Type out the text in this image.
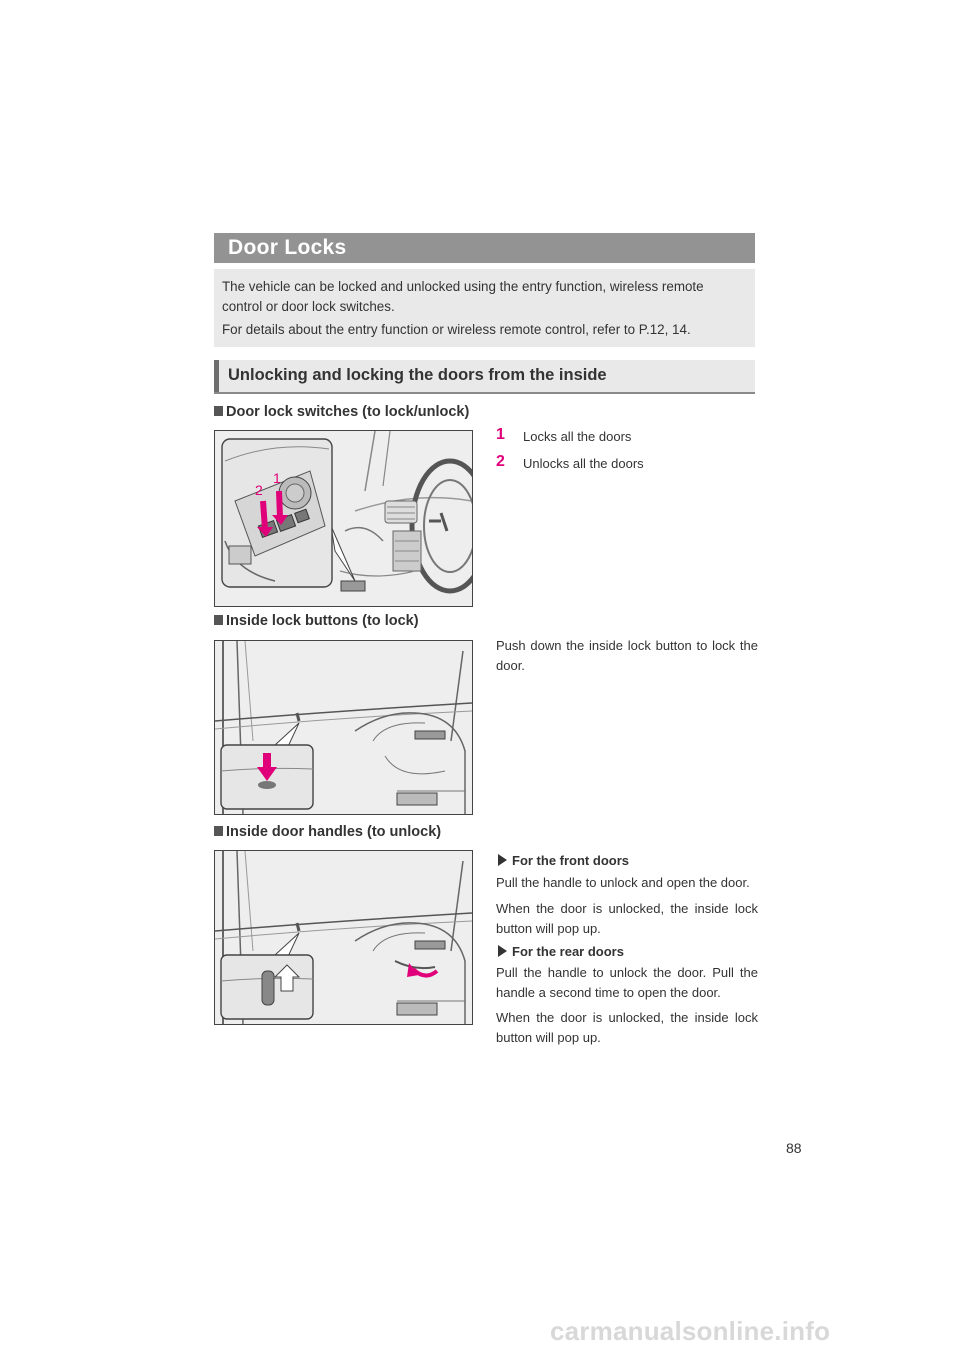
Door Locks

The vehicle can be locked and unlocked using the entry function, wireless remote control or door lock switches.

For details about the entry function or wireless remote control, refer to P.12, 14.

Unlocking and locking the doors from the inside
Door lock switches (to lock/unlock)
2
1
1 Locks all the doors
2 Unlocks all the doors
Inside lock buttons (to lock)
Push down the inside lock button to lock the door.
Inside door handles (to unlock)
For the front doors
Pull the handle to unlock and open the door.
When the door is unlocked, the inside lock button will pop up.
For the rear doors
Pull the handle to unlock the door. Pull the handle a second time to open the door.
When the door is unlocked, the inside lock button will pop up.
88
carmanualsonline.info
